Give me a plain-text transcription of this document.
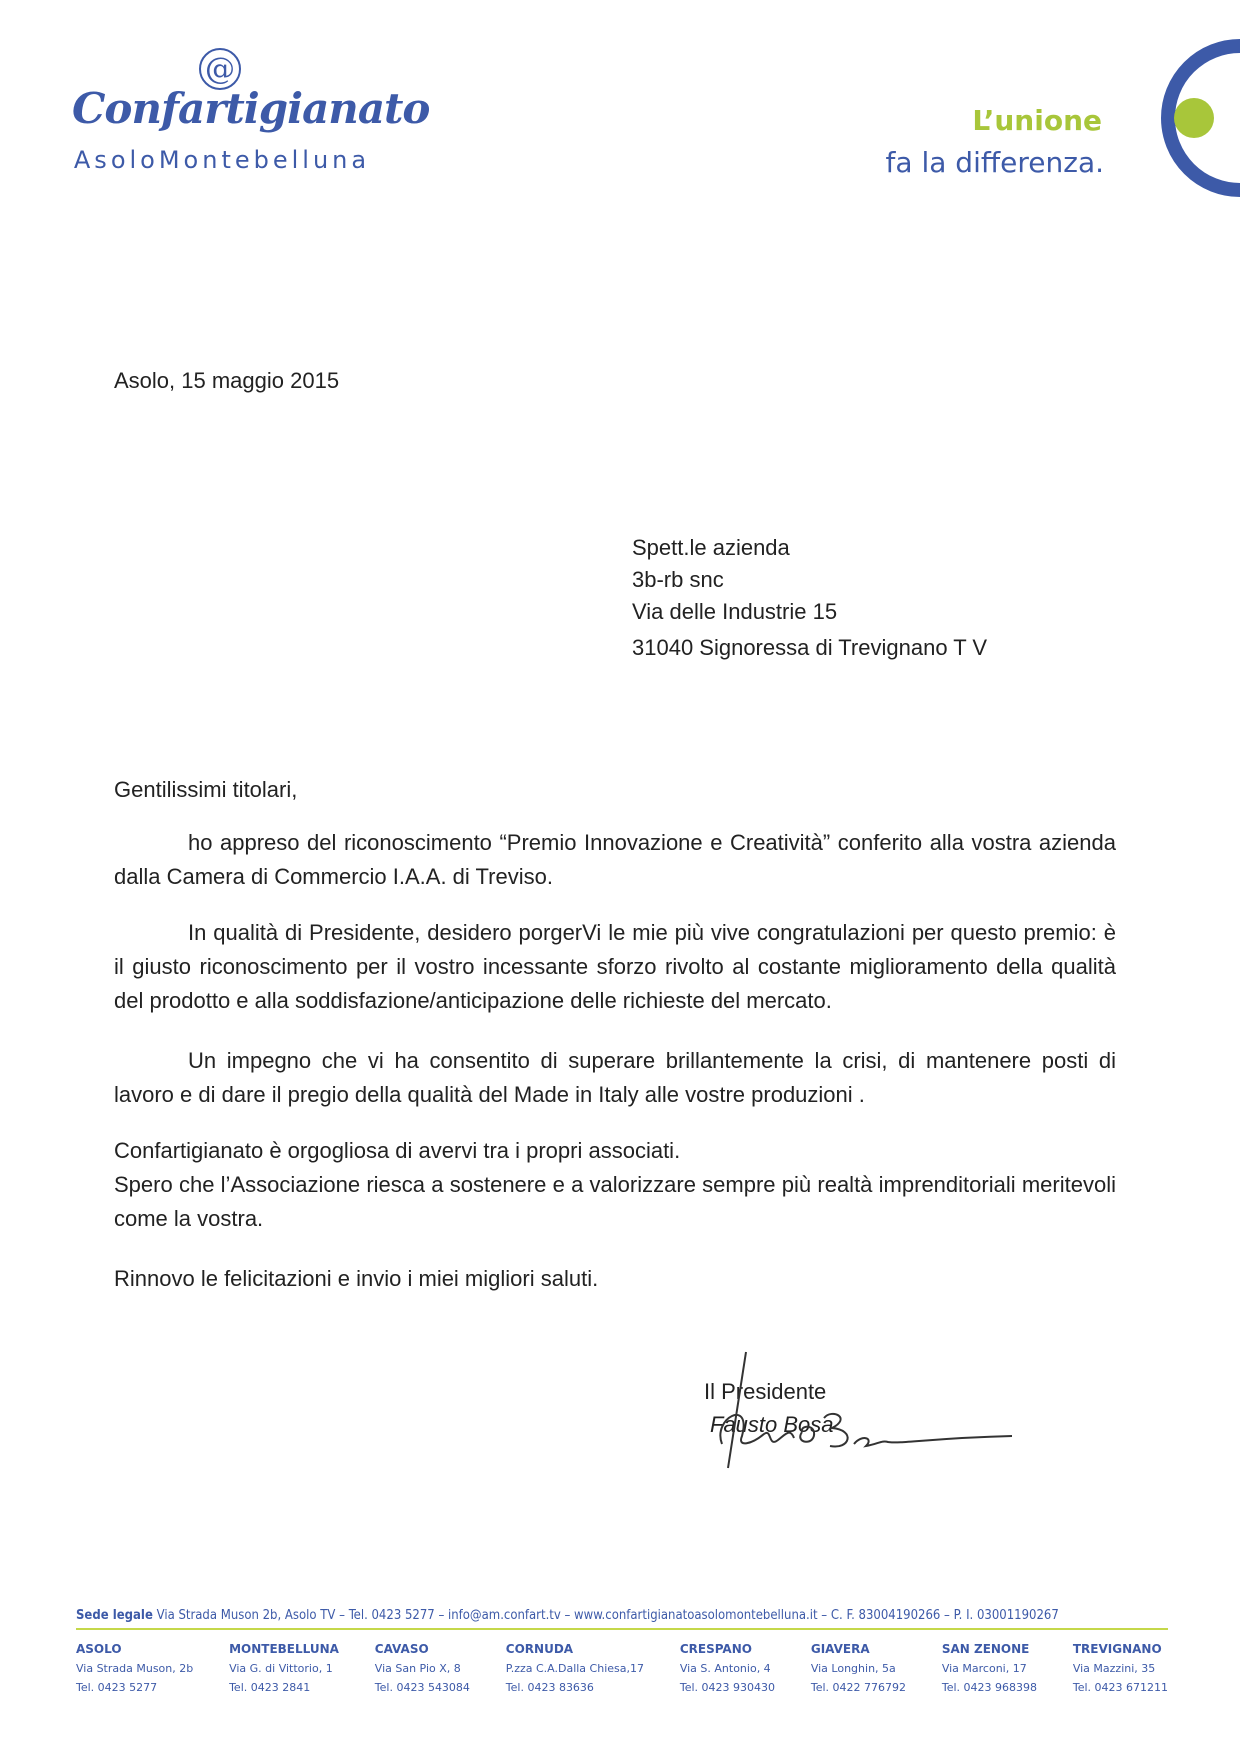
@
Confartigianato
AsoloMontebelluna
L’unione
fa la differenza.
Asolo, 15 maggio 2015
Spett.le azienda
3b-rb snc
Via delle Industrie 15
31040 Signoressa di Trevignano T V
Gentilissimi titolari,
ho appreso del riconoscimento “Premio Innovazione e Creatività” conferito alla vostra azienda dalla Camera di Commercio I.A.A. di Treviso.
In qualità di Presidente, desidero porgerVi le mie più vive congratulazioni per questo premio: è il giusto riconoscimento per il vostro incessante sforzo rivolto al costante miglioramento della qualità del prodotto e alla soddisfazione/anticipazione delle richieste del mercato.
Un impegno che vi ha consentito di superare brillantemente la crisi, di mantenere posti di lavoro e di dare il pregio della qualità del Made in Italy alle vostre produzioni .
Confartigianato è orgogliosa di avervi tra i propri associati.
Spero che l’Associazione riesca a sostenere e a valorizzare sempre più realtà imprenditoriali meritevoli come la vostra.
Rinnovo le felicitazioni e invio i miei migliori saluti.
Il Presidente
Fausto Bosa
Sede legale Via Strada Muson 2b, Asolo TV – Tel. 0423 5277 – info@am.confart.tv – www.confartigianatoasolomontebelluna.it – C. F. 83004190266 – P. I. 03001190267
ASOLO
Via Strada Muson, 2b
Tel. 0423 5277
MONTEBELLUNA
Via G. di Vittorio, 1
Tel. 0423 2841
CAVASO
Via San Pio X, 8
Tel. 0423 543084
CORNUDA
P.zza C.A.Dalla Chiesa,17
Tel. 0423 83636
CRESPANO
Via S. Antonio, 4
Tel. 0423 930430
GIAVERA
Via Longhin, 5a
Tel. 0422 776792
SAN ZENONE
Via Marconi, 17
Tel. 0423 968398
TREVIGNANO
Via Mazzini, 35
Tel. 0423 671211
